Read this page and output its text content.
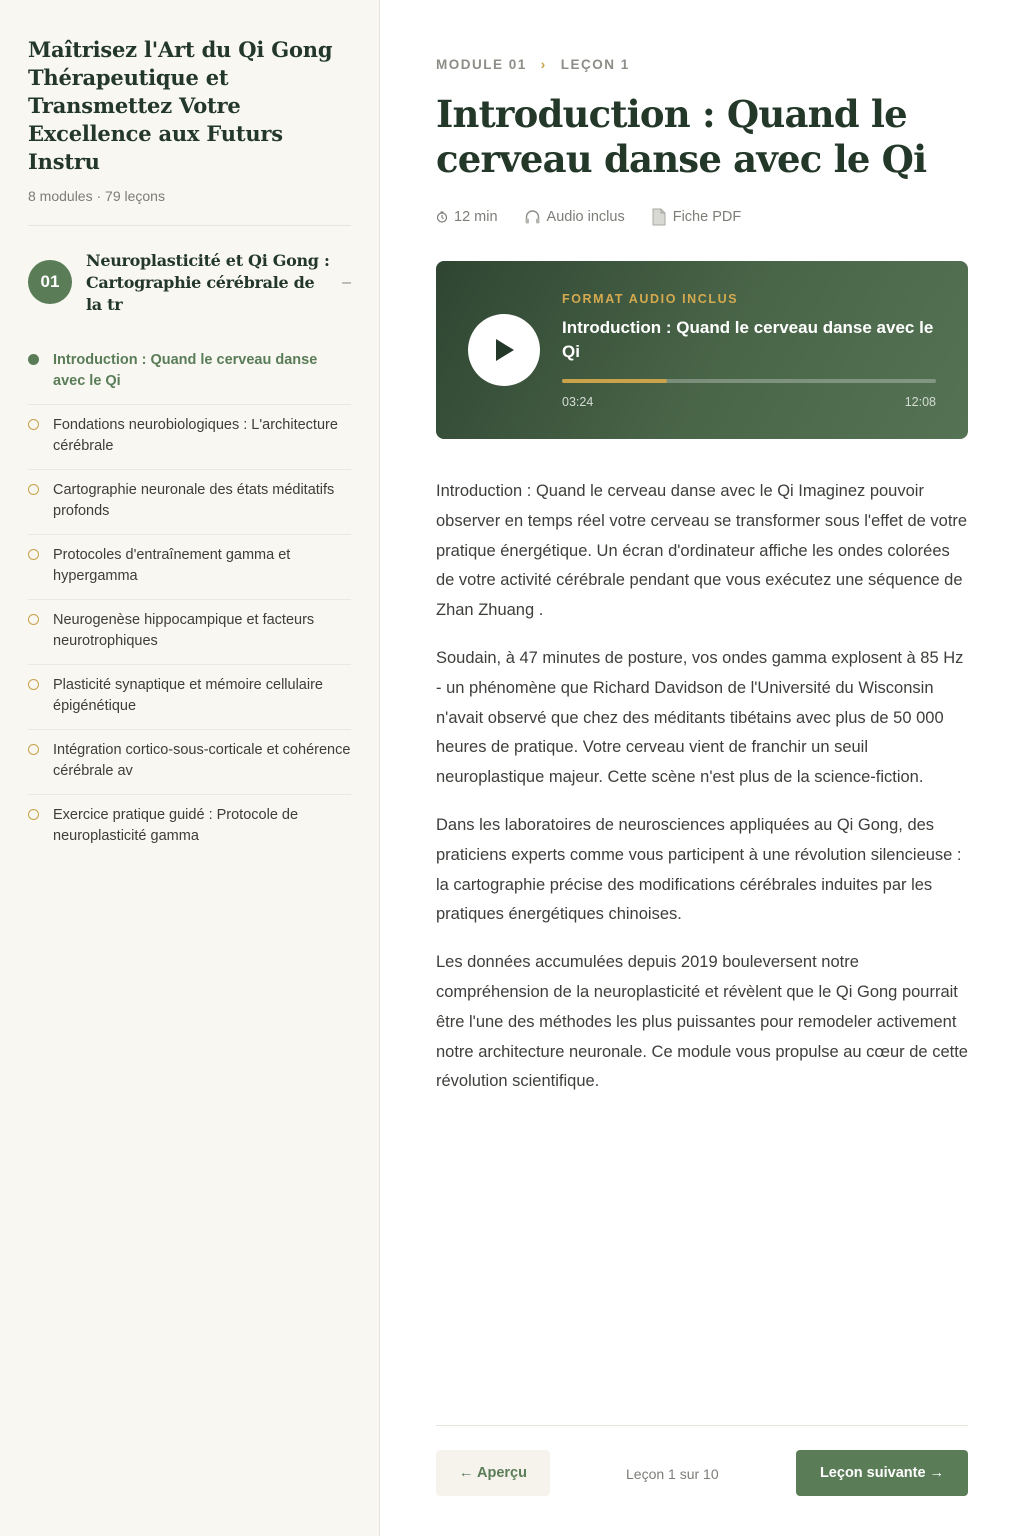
Maîtrisez l'Art du Qi Gong Thérapeutique et Transmettez Votre Excellence aux Futurs Instru
8 modules · 79 leçons
01
Neuroplasticité et Qi Gong : Cartographie cérébrale de la tr
–
Introduction : Quand le cerveau danse avec le Qi
Fondations neurobiologiques : L'architecture cérébrale
Cartographie neuronale des états méditatifs profonds
Protocoles d'entraînement gamma et hypergamma
Neurogenèse hippocampique et facteurs neurotrophiques
Plasticité synaptique et mémoire cellulaire épigénétique
Intégration cortico-sous-corticale et cohérence cérébrale av
Exercice pratique guidé : Protocole de neuroplasticité gamma
MODULE 01 › LEÇON 1
Introduction : Quand le cerveau danse avec le Qi
12 min	Audio inclus	Fiche PDF
FORMAT AUDIO INCLUS
Introduction : Quand le cerveau danse avec le Qi
03:24	12:08

Introduction : Quand le cerveau danse avec le Qi Imaginez pouvoir observer en temps réel votre cerveau se transformer sous l'effet de votre pratique énergétique. Un écran d'ordinateur affiche les ondes colorées de votre activité cérébrale pendant que vous exécutez une séquence de Zhan Zhuang .

Soudain, à 47 minutes de posture, vos ondes gamma explosent à 85 Hz - un phénomène que Richard Davidson de l'Université du Wisconsin n'avait observé que chez des méditants tibétains avec plus de 50 000 heures de pratique. Votre cerveau vient de franchir un seuil neuroplastique majeur. Cette scène n'est plus de la science-fiction.

Dans les laboratoires de neurosciences appliquées au Qi Gong, des praticiens experts comme vous participent à une révolution silencieuse : la cartographie précise des modifications cérébrales induites par les pratiques énergétiques chinoises.

Les données accumulées depuis 2019 bouleversent notre compréhension de la neuroplasticité et révèlent que le Qi Gong pourrait être l'une des méthodes les plus puissantes pour remodeler activement notre architecture neuronale. Ce module vous propulse au cœur de cette révolution scientifique.

← Aperçu	Leçon 1 sur 10	Leçon suivante →
